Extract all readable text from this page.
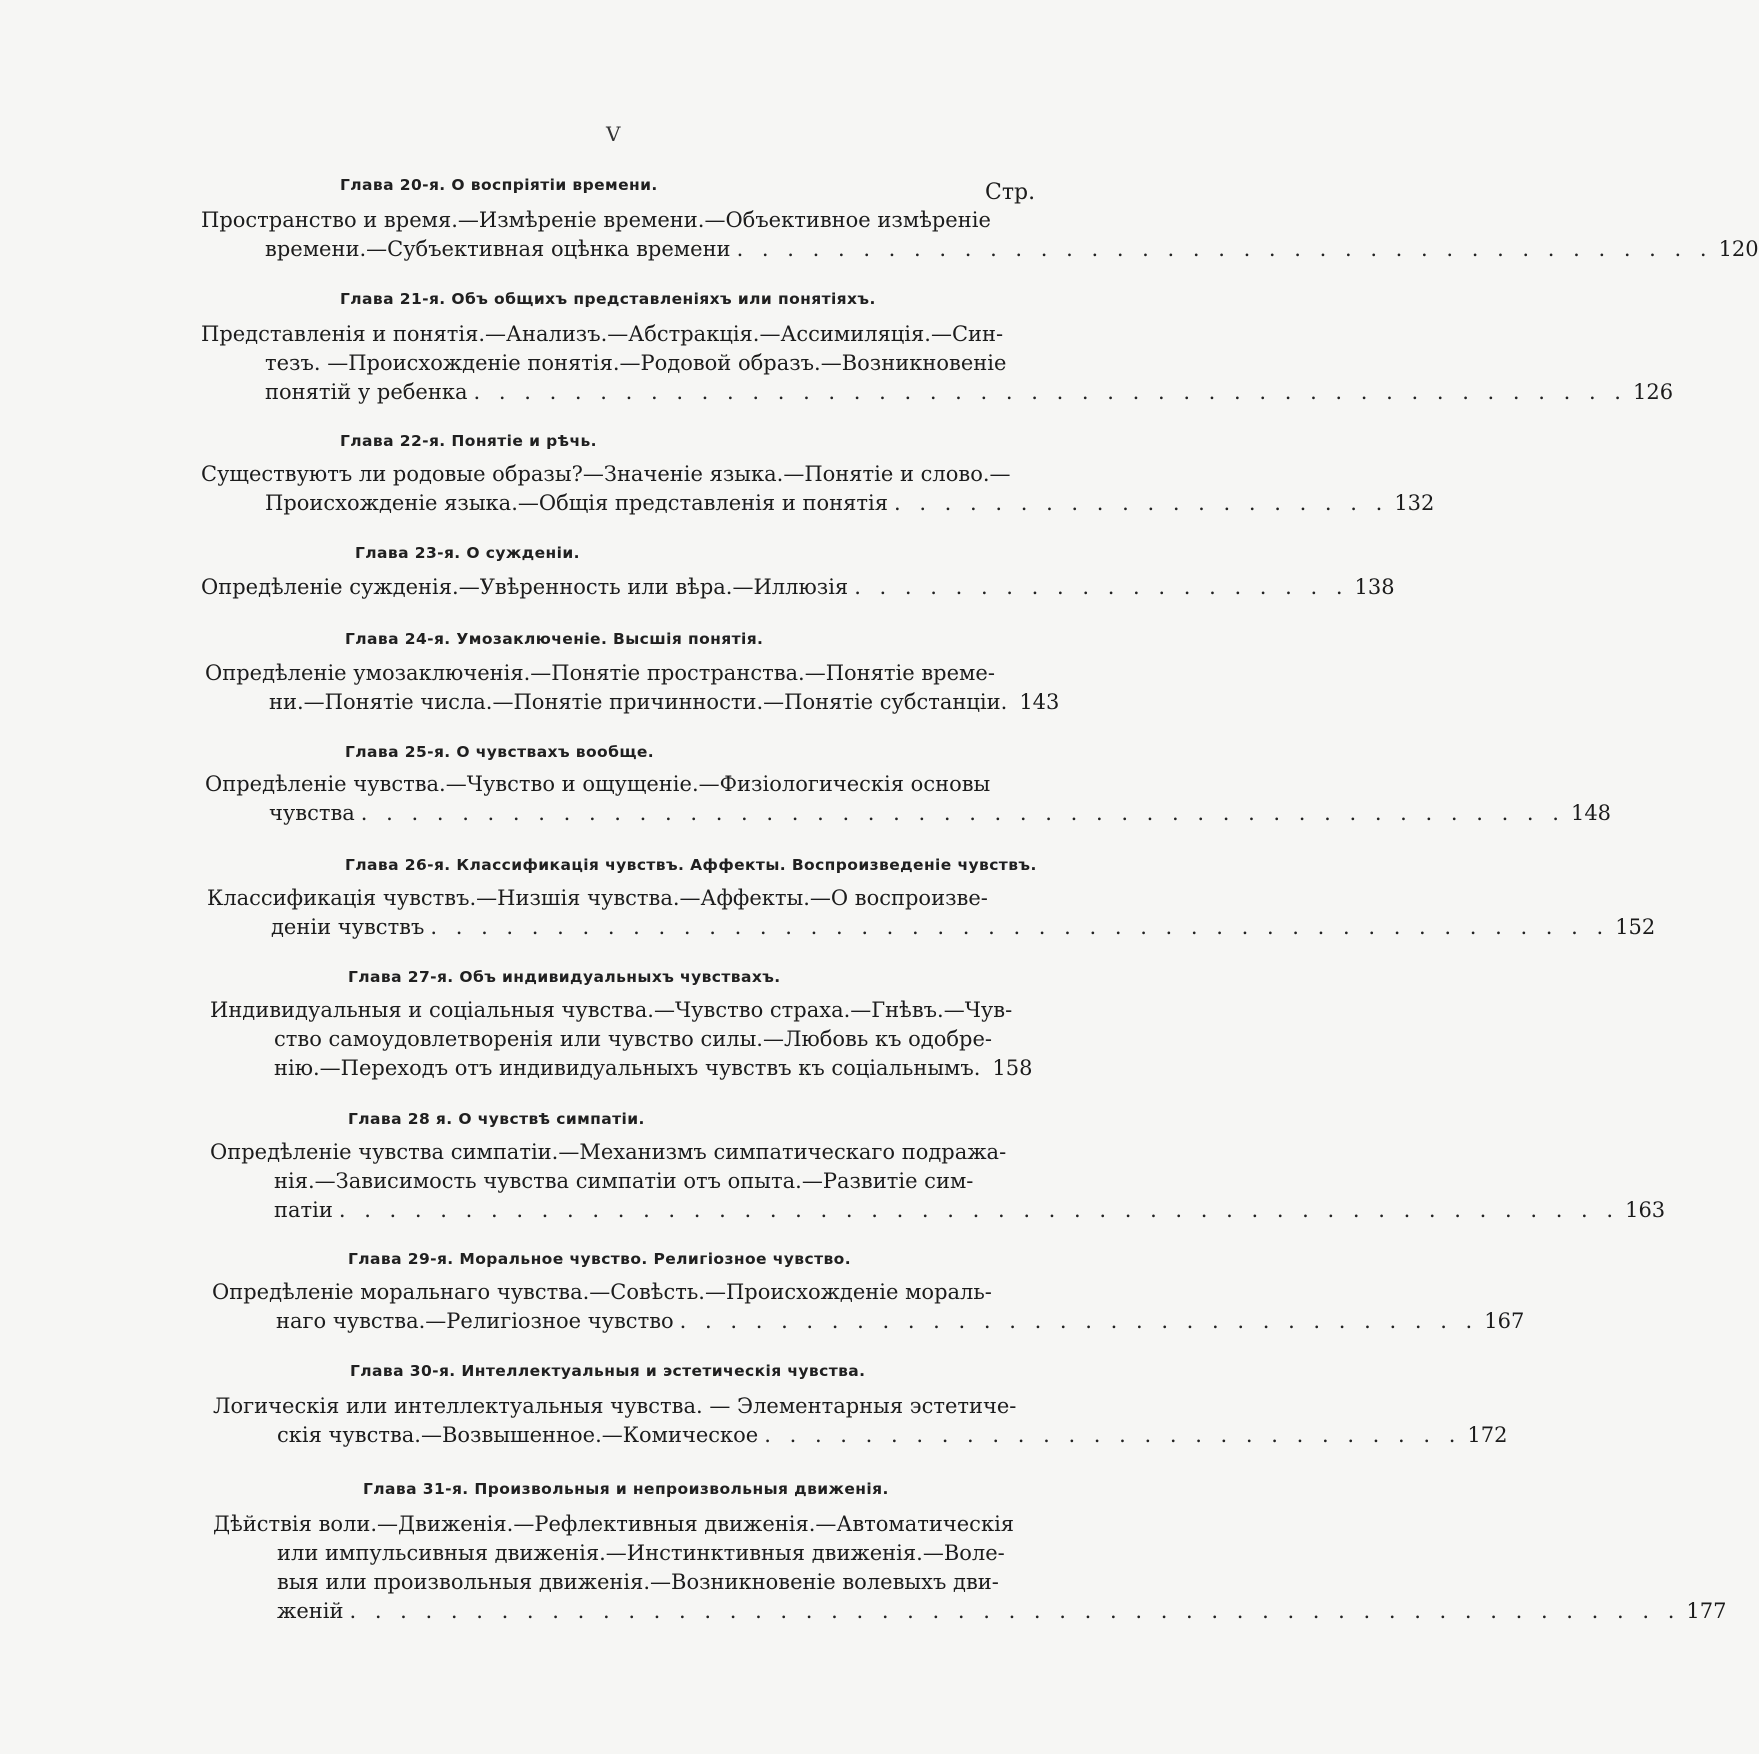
V
Стр.
Глава 20-я. О воспріятіи времени.
Пространство и время.—Измѣреніе времени.—Объективное измѣреніе
времени.—Субъективная оцѣнка времени . . . . . . . . . . . . . . . . . . . . . . . . . . . . . . . . . . . . . . . 120
Глава 21-я. Объ общихъ представленіяхъ или понятіяхъ.
Представленія и понятія.—Анализъ.—Абстракція.—Ассимиляція.—Син-
тезъ. —Происхожденіе понятія.—Родовой образъ.—Возникновеніе
понятій у ребенка . . . . . . . . . . . . . . . . . . . . . . . . . . . . . . . . . . . . . . . . . . . . . . 126
Глава 22-я. Понятіе и рѣчь.
Существуютъ ли родовые образы?—Значеніе языка.—Понятіе и слово.—
Происхожденіе языка.—Общія представленія и понятія . . . . . . . . . . . . . . . . . . . . 132
Глава 23-я. О сужденіи.
Опредѣленіе сужденія.—Увѣренность или вѣра.—Иллюзія . . . . . . . . . . . . . . . . . . . . 138
Глава 24-я. Умозаключеніе. Высшія понятія.
Опредѣленіе умозаключенія.—Понятіе пространства.—Понятіе време-
ни.—Понятіе числа.—Понятіе причинности.—Понятіе субстанціи. 143
Глава 25-я. О чувствахъ вообще.
Опредѣленіе чувства.—Чувство и ощущеніе.—Физіологическія основы
чувства . . . . . . . . . . . . . . . . . . . . . . . . . . . . . . . . . . . . . . . . . . . . . . . . 148
Глава 26-я. Классификація чувствъ. Аффекты. Воспроизведеніе чувствъ.
Классификація чувствъ.—Низшія чувства.—Аффекты.—О воспроизве-
деніи чувствъ . . . . . . . . . . . . . . . . . . . . . . . . . . . . . . . . . . . . . . . . . . . . . . . 152
Глава 27-я. Объ индивидуальныхъ чувствахъ.
Индивидуальныя и соціальныя чувства.—Чувство страха.—Гнѣвъ.—Чув-
ство самоудовлетворенія или чувство силы.—Любовь къ одобре-
нію.—Переходъ отъ индивидуальныхъ чувствъ къ соціальнымъ. 158
Глава 28 я. О чувствѣ симпатіи.
Опредѣленіе чувства симпатіи.—Механизмъ симпатическаго подража-
нія.—Зависимость чувства симпатіи отъ опыта.—Развитіе сим-
патіи . . . . . . . . . . . . . . . . . . . . . . . . . . . . . . . . . . . . . . . . . . . . . . . . . . . 163
Глава 29-я. Моральное чувство. Религіозное чувство.
Опредѣленіе моральнаго чувства.—Совѣсть.—Происхожденіе мораль-
наго чувства.—Религіозное чувство . . . . . . . . . . . . . . . . . . . . . . . . . . . . . . . . 167
Глава 30-я. Интеллектуальныя и эстетическія чувства.
Логическія или интеллектуальныя чувства. — Элементарныя эстетиче-
скія чувства.—Возвышенное.—Комическое . . . . . . . . . . . . . . . . . . . . . . . . . . . . 172
Глава 31-я. Произвольныя и непроизвольныя движенія.
Дѣйствія воли.—Движенія.—Рефлективныя движенія.—Автоматическія
или импульсивныя движенія.—Инстинктивныя движенія.—Воле-
выя или произвольныя движенія.—Возникновеніе волевыхъ дви-
женій . . . . . . . . . . . . . . . . . . . . . . . . . . . . . . . . . . . . . . . . . . . . . . . . . . . . . 177
